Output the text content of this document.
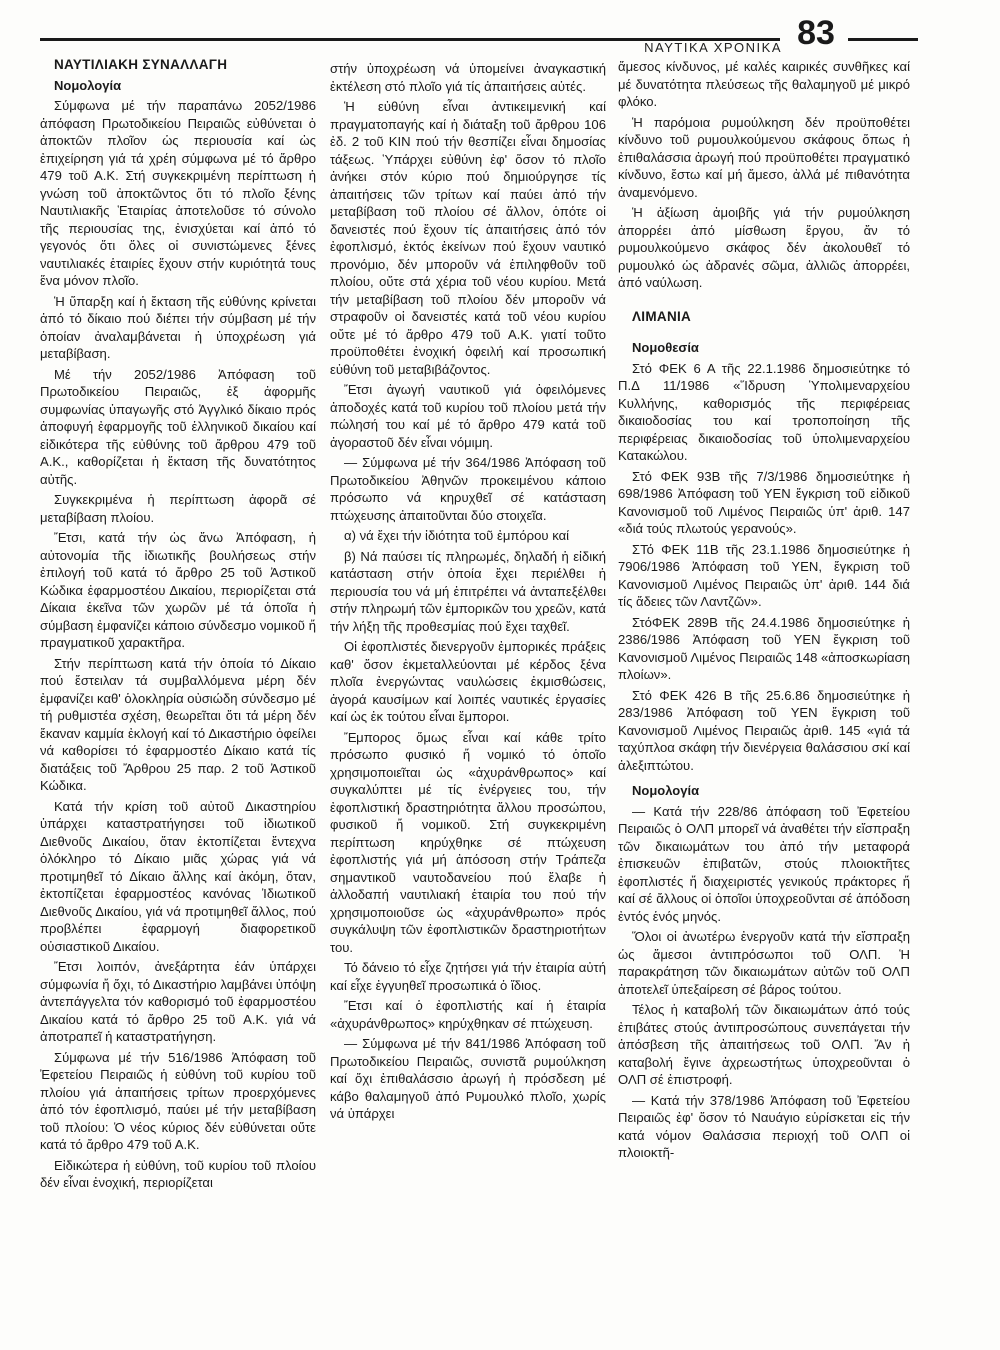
ΝΑΥΤΙΚΑ ΧΡΟΝΙΚΑ 83

ΝΑΥΤΙΛΙΑΚΗ ΣΥΝΑΛΛΑΓΗ

Νομολογία

Σύμφωνα μέ τήν παραπάνω 2052/1986 ἀπόφαση Πρωτοδικείου Πειραιῶς εὐθύνεται ὁ ἀποκτῶν πλοῖον ὡς περιουσία καί ὡς ἐπιχείρηση γιά τά χρέη σύμφωνα μέ τό ἄρθρο 479 τοῦ Α.Κ. Στή συγκεκριμένη περίπτωση ἡ γνώση τοῦ ἀποκτῶντος ὅτι τό πλοῖο ξένης Ναυτιλιακῆς Ἑταιρίας ἀποτελοῦσε τό σύνολο τῆς περιουσίας της, ἐνισχύεται καί ἀπό τό γεγονός ὅτι ὅλες οἱ συνιστώμενες ξένες ναυτιλιακές ἑταιρίες ἔχουν στήν κυριότητά τους ἕνα μόνον πλοῖο.

Ἡ ὕπαρξη καί ἡ ἔκταση τῆς εὐθύνης κρίνεται ἀπό τό δίκαιο πού διέπει τήν σύμβαση μέ τήν ὁποίαν ἀναλαμβάνεται ἡ ὑποχρέωση γιά μεταβίβαση.

Μέ τήν 2052/1986 Ἀπόφαση τοῦ Πρωτοδικείου Πειραιῶς, ἐξ ἀφορμῆς συμφωνίας ὑπαγωγῆς στό Ἀγγλικό δίκαιο πρός ἀποφυγή ἐφαρμογῆς τοῦ ἑλληνικοῦ δικαίου καί εἰδικότερα τῆς εὐθύνης τοῦ ἄρθρου 479 τοῦ Α.Κ., καθορίζεται ἡ ἔκταση τῆς δυνατότητος αὐτῆς.

Συγκεκριμένα ἡ περίπτωση ἀφορᾶ σέ μεταβίβαση πλοίου.

Ἔτσι, κατά τήν ὡς ἄνω Ἀπόφαση, ἡ αὐτονομία τῆς ἰδιωτικῆς βουλήσεως στήν ἐπιλογή τοῦ κατά τό ἄρθρο 25 τοῦ Ἀστικοῦ Κώδικα ἐφαρμοστέου Δικαίου, περιορίζεται στά Δίκαια ἐκεῖνα τῶν χωρῶν μέ τά ὁποῖα ἡ σύμβαση ἐμφανίζει κάποιο σύνδεσμο νομικοῦ ἤ πραγματικοῦ χαρακτῆρα.

Στήν περίπτωση κατά τήν ὁποία τό Δίκαιο πού ἔστειλαν τά συμβαλλόμενα μέρη δέν ἐμφανίζει καθ' ὁλοκληρία οὐσιώδη σύνδεσμο μέ τή ρυθμιστέα σχέση, θεωρεῖται ὅτι τά μέρη δέν ἔκαναν καμμία ἐκλογή καί τό Δικαστήριο ὀφείλει νά καθορίσει τό ἐφαρμοστέο Δίκαιο κατά τίς διατάξεις τοῦ Ἄρθρου 25 παρ. 2 τοῦ Ἀστικοῦ Κώδικα.

Κατά τήν κρίση τοῦ αὐτοῦ Δικαστηρίου ὑπάρχει καταστρατήγησει τοῦ ἰδιωτικοῦ Διεθνοῦς Δικαίου, ὅταν ἐκτοπίζεται ἔντεχνα ὁλόκληρο τό Δίκαιο μιᾶς χώρας γιά νά προτιμηθεῖ τό Δίκαιο ἄλλης καί ἀκόμη, ὅταν, ἐκτοπίζεται ἐφαρμοστέος κανόνας Ἰδιωτικοῦ Διεθνοῦς Δικαίου, γιά νά προτιμηθεῖ ἄλλος, πού προβλέπει ἐφαρμογή διαφορετικοῦ οὐσιαστικοῦ Δικαίου.

Ἔτσι λοιπόν, ἀνεξάρτητα ἐάν ὑπάρχει σύμφωνία ἤ ὄχι, τό Δικαστήριο λαμβάνει ὑπόψη ἀντεπάγγελτα τόν καθορισμό τοῦ ἐφαρμοστέου Δικαίου κατά τό ἄρθρο 25 τοῦ Α.Κ. γιά νά ἀποτραπεῖ ἡ καταστρατήγηση.

Σύμφωνα μέ τήν 516/1986 Ἀπόφαση τοῦ Ἐφετείου Πειραιῶς ἡ εὐθύνη τοῦ κυρίου τοῦ πλοίου γιά ἀπαιτήσεις τρίτων προερχόμενες ἀπό τόν ἐφοπλισμό, παύει μέ τήν μεταβίβαση τοῦ πλοίου: Ὁ νέος κύριος δέν εὐθύνεται οὔτε κατά τό ἄρθρο 479 τοῦ Α.Κ.

Εἰδικώτερα ἡ εὐθύνη, τοῦ κυρίου τοῦ πλοίου δέν εἶναι ἐνοχική, περιορίζεται

στήν ὑποχρέωση νά ὑπομείνει ἀναγκαστική ἐκτέλεση στό πλοῖο γιά τίς ἀπαιτήσεις αὐτές.

Ἡ εὐθύνη εἶναι ἀντικειμενική καί πραγματοπαγής καί ἡ διάταξη τοῦ ἄρθρου 106 ἐδ. 2 τοῦ ΚΙΝ πού τήν θεσπίζει εἶναι δημοσίας τάξεως. Ὑπάρχει εὐθύνη ἐφ' ὅσον τό πλοῖο ἀνήκει στόν κύριο πού δημιούργησε τίς ἀπαιτήσεις τῶν τρίτων καί παύει ἀπό τήν μεταβίβαση τοῦ πλοίου σέ ἄλλον, ὁπότε οἱ δανειστές πού ἔχουν τίς ἀπαιτήσεις ἀπό τόν ἐφοπλισμό, ἐκτός ἐκείνων πού ἔχουν ναυτικό προνόμιο, δέν μποροῦν νά ἐπιληφθοῦν τοῦ πλοίου, οὔτε στά χέρια τοῦ νέου κυρίου. Μετά τήν μεταβίβαση τοῦ πλοίου δέν μποροῦν νά στραφοῦν οἱ δανειστές κατά τοῦ νέου κυρίου οὔτε μέ τό ἄρθρο 479 τοῦ Α.Κ. γιατί τοῦτο προϋποθέτει ἐνοχική ὀφειλή καί προσωπική εὐθύνη τοῦ μεταβιβάζοντος.

Ἔτσι ἀγωγή ναυτικοῦ γιά ὀφειλόμενες ἀποδοχές κατά τοῦ κυρίου τοῦ πλοίου μετά τήν πώλησή του καί μέ τό ἄρθρο 479 κατά τοῦ ἀγοραστοῦ δέν εἶναι νόμιμη.

— Σύμφωνα μέ τήν 364/1986 Ἀπόφαση τοῦ Πρωτοδικείου Ἀθηνῶν προκειμένου κάποιο πρόσωπο νά κηρυχθεῖ σέ κατάσταση πτώχευσης ἀπαιτοῦνται δύο στοιχεῖα.

α) νά ἔχει τήν ἰδιότητα τοῦ ἐμπόρου καί

β) Νά παύσει τίς πληρωμές, δηλαδή ἡ εἰδική κατάσταση στήν ὁποία ἔχει περιέλθει ἡ περιουσία του νά μή ἐπιτρέπει νά ἀνταπεξέλθει στήν πληρωμή τῶν ἐμπορικῶν του χρεῶν, κατά τήν λήξη τῆς προθεσμίας πού ἔχει ταχθεῖ.

Οἱ ἐφοπλιστές διενεργοῦν ἐμπορικές πράξεις καθ' ὅσον ἐκμεταλλεύονται μέ κέρδος ξένα πλοῖα ἐνεργώντας ναυλώσεις ἐκμισθώσεις, ἀγορά καυσίμων καί λοιπές ναυτικές ἐργασίες καί ὡς ἐκ τούτου εἶναι ἔμποροι.

Ἔμπορος ὅμως εἶναι καί κάθε τρίτο πρόσωπο φυσικό ἤ νομικό τό ὁποῖο χρησιμοποιεῖται ὡς «ἀχυράνθρωπος» καί συγκαλύπτει μέ τίς ἐνέργειες του, τήν ἐφοπλιστική δραστηριότητα ἄλλου προσώπου, φυσικοῦ ἤ νομικοῦ. Στή συγκεκριμένη περίπτωση κηρύχθηκε σέ πτώχευση ἐφοπλιστής γιά μή ἀπόσοση στήν Τράπεζα σημαντικοῦ ναυτοδανείου πού ἔλαβε ἡ ἀλλοδαπή ναυτιλιακή ἑταιρία του πού τήν χρησιμοποιοῦσε ὡς «ἀχυράνθρωπο» πρός συγκάλυψη τῶν ἐφοπλιστικῶν δραστηριοτήτων του.

Τό δάνειο τό εἶχε ζητήσει γιά τήν ἑταιρία αὐτή καί εἶχε ἐγγυηθεῖ προσωπικά ὁ ἴδιος.

Ἔτσι καί ὁ ἐφοπλιστής καί ἡ ἑταιρία «ἀχυράνθρωπος» κηρύχθηκαν σέ πτώχευση.

— Σύμφωνα μέ τήν 841/1986 Ἀπόφαση τοῦ Πρωτοδικείου Πειραιῶς, συνιστᾶ ρυμούλκηση καί ὄχι ἐπιθαλάσσιο ἀρωγή ἡ πρόσδεση μέ κάβο θαλαμηγοῦ ἀπό Ρυμουλκό πλοῖο, χωρίς νά ὑπάρχει

ἄμεσος κίνδυνος, μέ καλές καιρικές συνθῆκες καί μέ δυνατότητα πλεύσεως τῆς θαλαμηγοῦ μέ μικρό φλόκο.

Ἡ παρόμοια ρυμούλκηση δέν προϋποθέτει κίνδυνο τοῦ ρυμουλκούμενου σκάφους ὅπως ἡ ἐπιθαλάσσια ἀρωγή πού προϋποθέτει πραγματικό κίνδυνο, ἔστω καί μή ἄμεσο, ἀλλά μέ πιθανότητα ἀναμενόμενο.

Ἡ ἀξίωση ἀμοιβῆς γιά τήν ρυμούλκηση ἀπορρέει ἀπό μίσθωση ἔργου, ἄν τό ρυμουλκούμενο σκάφος δέν ἀκολουθεῖ τό ρυμουλκό ὡς ἀδρανές σῶμα, ἀλλιῶς ἀπορρέει, ἀπό ναύλωση.

ΛΙΜΑΝΙΑ

Νομοθεσία

Στό ΦΕΚ 6 Α τῆς 22.1.1986 δημοσιεύτηκε τό Π.Δ 11/1986 «Ἵδρυση Ὑπολιμεναρχείου Κυλλήνης, καθορισμός τῆς περιφέρειας δικαιοδοσίας του καί τροποποίηση τῆς περιφέρειας δικαιοδοσίας τοῦ ὑπολιμεναρχείου Κατακώλου.

Στό ΦΕΚ 93Β τῆς 7/3/1986 δημοσιεύτηκε ἡ 698/1986 Ἀπόφαση τοῦ ΥΕΝ ἔγκριση τοῦ εἰδικοῦ Κανονισμοῦ τοῦ Λιμένος Πειραιῶς ὑπ' ἀριθ. 147 «διά τούς πλωτούς γερανούς».

ΣΤό ΦΕΚ 11Β τῆς 23.1.1986 δημοσιεύτηκε ἡ 7906/1986 Ἀπόφαση τοῦ ΥΕΝ, ἔγκριση τοῦ Κανονισμοῦ Λιμένος Πειραιῶς ὑπ' ἀριθ. 144 διά τίς ἄδειες τῶν Λαντζῶν».

ΣτόΦΕΚ 289Β τῆς 24.4.1986 δημοσιεύτηκε ἡ 2386/1986 Ἀπόφαση τοῦ ΥΕΝ ἔγκριση τοῦ Κανονισμοῦ Λιμένος Πειραιῶς 148 «ἀποσκωρίαση πλοίων».

Στό ΦΕΚ 426 Β τῆς 25.6.86 δημοσιεύτηκε ἡ 283/1986 Ἀπόφαση τοῦ ΥΕΝ ἔγκριση τοῦ Κανονισμοῦ Λιμένος Πειραιῶς ἀριθ. 145 «γιά τά ταχύπλοα σκάφη τήν διενέργεια θαλάσσιου σκί καί ἀλεξιπτώτου.

Νομολογία

— Κατά τήν 228/86 ἀπόφαση τοῦ Ἐφετείου Πειραιῶς ὁ ΟΛΠ μπορεῖ νά ἀναθέτει τήν εἴσπραξη τῶν δικαιωμάτων του ἀπό τήν μεταφορά ἐπισκευῶν ἐπιβατῶν, στούς πλοιοκτῆτες ἐφοπλιστές ἤ διαχειριστές γενικούς πράκτορες ἤ καί σέ ἄλλους οἱ ὁποῖοι ὑποχρεοῦνται σέ ἀπόδοση ἐντός ἑνός μηνός.

Ὅλοι οἱ ἀνωτέρω ἐνεργοῦν κατά τήν εἴσπραξη ὡς ἄμεσοι ἀντιπρόσωποι τοῦ ΟΛΠ. Ἡ παρακράτηση τῶν δικαιωμάτων αὐτῶν τοῦ ΟΛΠ ἀποτελεῖ ὑπεξαίρεση σέ βάρος τούτου.

Τέλος ἡ καταβολή τῶν δικαιωμάτων ἀπό τούς ἐπιβάτες στούς ἀντιπροσώπους συνεπάγεται τήν ἀπόσβεση τῆς ἀπαιτήσεως τοῦ ΟΛΠ. Ἄν ἡ καταβολή ἔγινε ἀχρεωστήτως ὑποχρεοῦνται ὁ ΟΛΠ σέ ἐπιστροφή.

— Κατά τήν 378/1986 Ἀπόφαση τοῦ Ἐφετείου Πειραιῶς ἐφ' ὅσον τό Ναυάγιο εὑρίσκεται εἰς τήν κατά νόμον Θαλάσσια περιοχή τοῦ ΟΛΠ οἱ πλοιοκτῆ-
